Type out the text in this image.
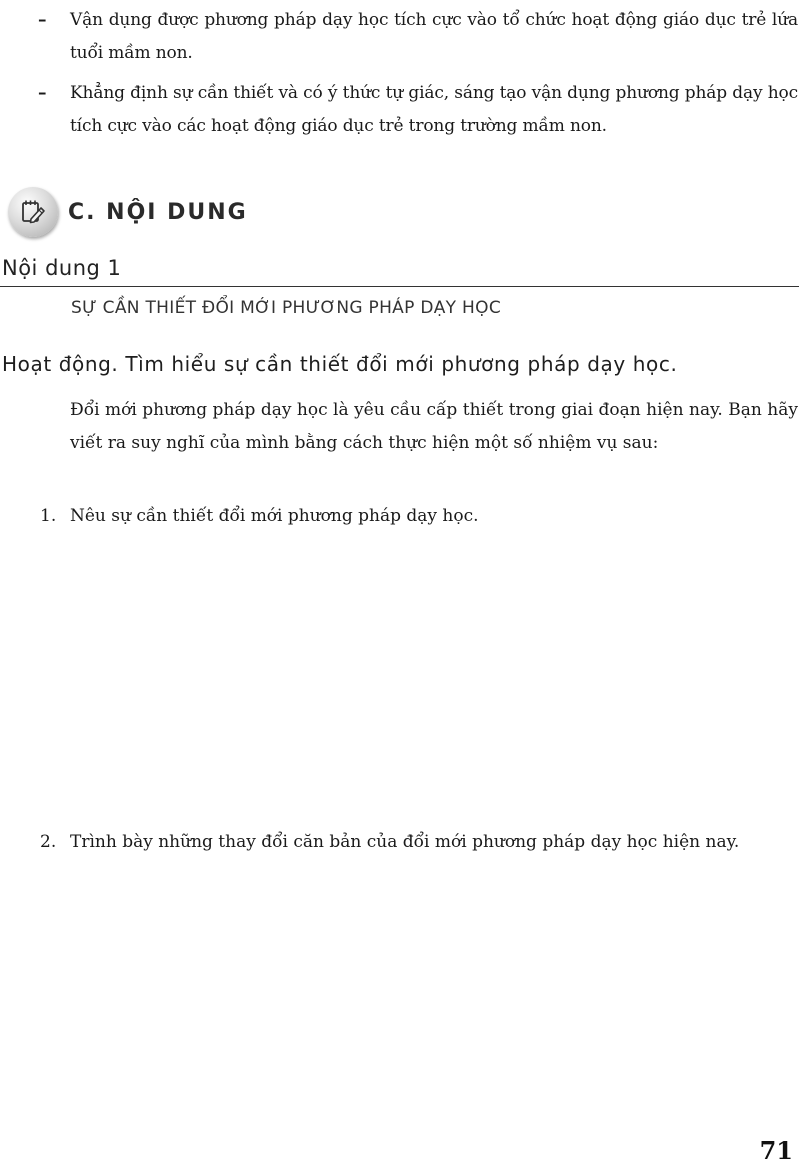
– Vận dụng được phương pháp dạy học tích cực vào tổ chức hoạt động giáo dục trẻ lứa tuổi mầm non.
– Khẳng định sự cần thiết và có ý thức tự giác, sáng tạo vận dụng phương pháp dạy học tích cực vào các hoạt động giáo dục trẻ trong trường mầm non.
C. NỘI DUNG
Nội dung 1
SỰ CẦN THIẾT ĐỔI MỚI PHƯƠNG PHÁP DẠY HỌC
Hoạt động. Tìm hiểu sự cần thiết đổi mới phương pháp dạy học.
Đổi mới phương pháp dạy học là yêu cầu cấp thiết trong giai đoạn hiện nay. Bạn hãy viết ra suy nghĩ của mình bằng cách thực hiện một số nhiệm vụ sau:
1. Nêu sự cần thiết đổi mới phương pháp dạy học.
2. Trình bày những thay đổi căn bản của đổi mới phương pháp dạy học hiện nay.
71
